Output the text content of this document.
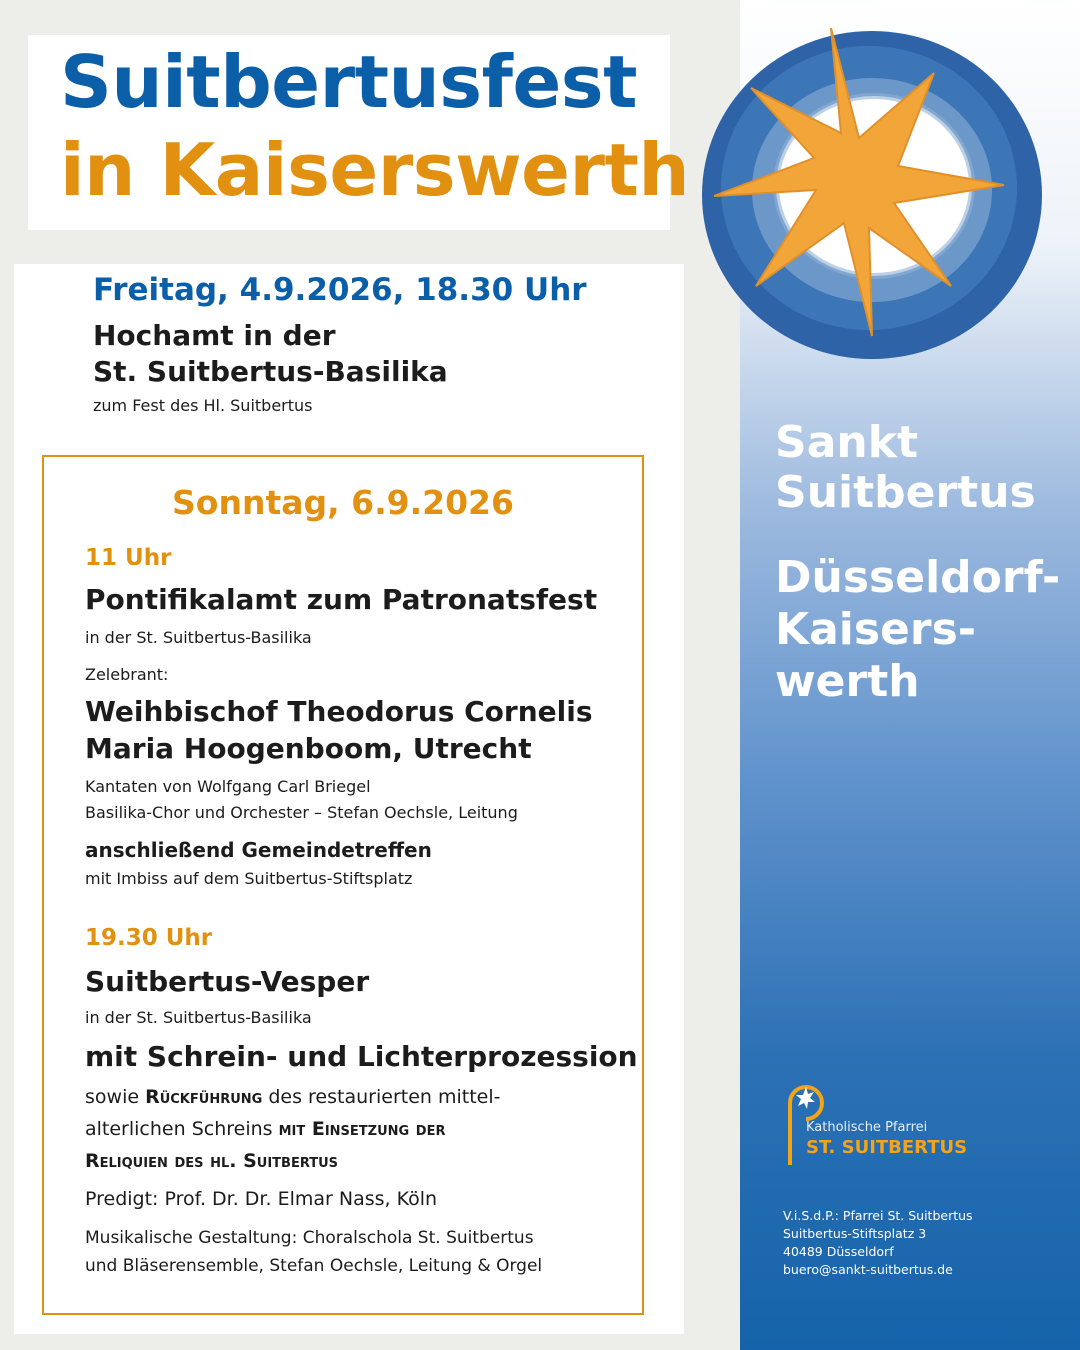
Suitbertusfest
in Kaiserswerth
Freitag, 4.9.2026, 18.30 Uhr
Hochamt in der
St. Suitbertus-Basilika
zum Fest des Hl. Suitbertus
Sonntag, 6.9.2026
11 Uhr
Pontifikalamt zum Patronatsfest
in der St. Suitbertus-Basilika
Zelebrant:
Weihbischof Theodorus Cornelis
Maria Hoogenboom, Utrecht
Kantaten von Wolfgang Carl Briegel
Basilika-Chor und Orchester – Stefan Oechsle, Leitung
anschließend Gemeindetreffen
mit Imbiss auf dem Suitbertus-Stiftsplatz
19.30 Uhr
Suitbertus-Vesper
in der St. Suitbertus-Basilika
mit Schrein- und Lichterprozession
sowie Rückführung des restaurierten mittel-
alterlichen Schreins mit Einsetzung der
Reliquien des hl. Suitbertus
Predigt: Prof. Dr. Dr. Elmar Nass, Köln
Musikalische Gestaltung: Choralschola St. Suitbertus
und Bläserensemble, Stefan Oechsle, Leitung & Orgel
Sankt
Suitbertus
Düsseldorf-
Kaisers-
werth
Katholische Pfarrei
ST. SUITBERTUS
V.i.S.d.P.: Pfarrei St. Suitbertus
Suitbertus-Stiftsplatz 3
40489 Düsseldorf
buero@sankt-suitbertus.de
